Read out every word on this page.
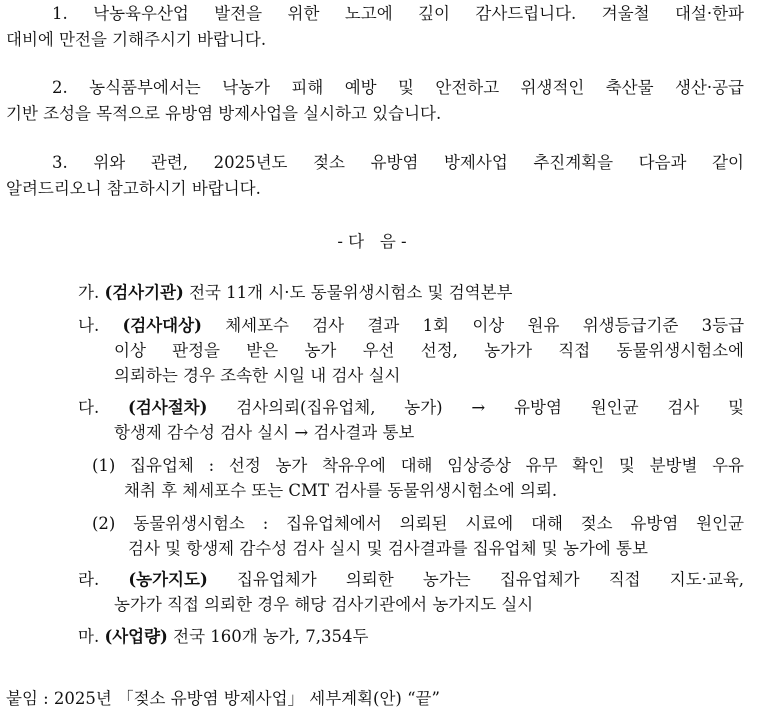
1. 낙농육우산업 발전을 위한 노고에 깊이 감사드립니다. 겨울철 대설·한파
대비에 만전을 기해주시기 바랍니다.
2. 농식품부에서는 낙농가 피해 예방 및 안전하고 위생적인 축산물 생산·공급
기반 조성을 목적으로 유방염 방제사업을 실시하고 있습니다.
3. 위와 관련, 2025년도 젖소 유방염 방제사업 추진계획을 다음과 같이
알려드리오니 참고하시기 바랍니다.
- 다   음 -
가. (검사기관) 전국 11개 시·도 동물위생시험소 및 검역본부
나. (검사대상) 체세포수 검사 결과 1회 이상 원유 위생등급기준 3등급
이상 판정을 받은 농가 우선 선정, 농가가 직접 동물위생시험소에
의뢰하는 경우 조속한 시일 내 검사 실시
다. (검사절차) 검사의뢰(집유업체, 농가) → 유방염 원인균 검사 및
항생제 감수성 검사 실시 → 검사결과 통보
(1) 집유업체 : 선정 농가 착유우에 대해 임상증상 유무 확인 및 분방별 우유
채취 후 체세포수 또는 CMT 검사를 동물위생시험소에 의뢰.
(2) 동물위생시험소 : 집유업체에서 의뢰된 시료에 대해 젖소 유방염 원인균
검사 및 항생제 감수성 검사 실시 및 검사결과를 집유업체 및 농가에 통보
라. (농가지도) 집유업체가 의뢰한 농가는 집유업체가 직접 지도·교육,
농가가 직접 의뢰한 경우 해당 검사기관에서 농가지도 실시
마. (사업량) 전국 160개 농가, 7,354두
붙임 : 2025년 「젖소 유방염 방제사업」 세부계획(안) “끝”
